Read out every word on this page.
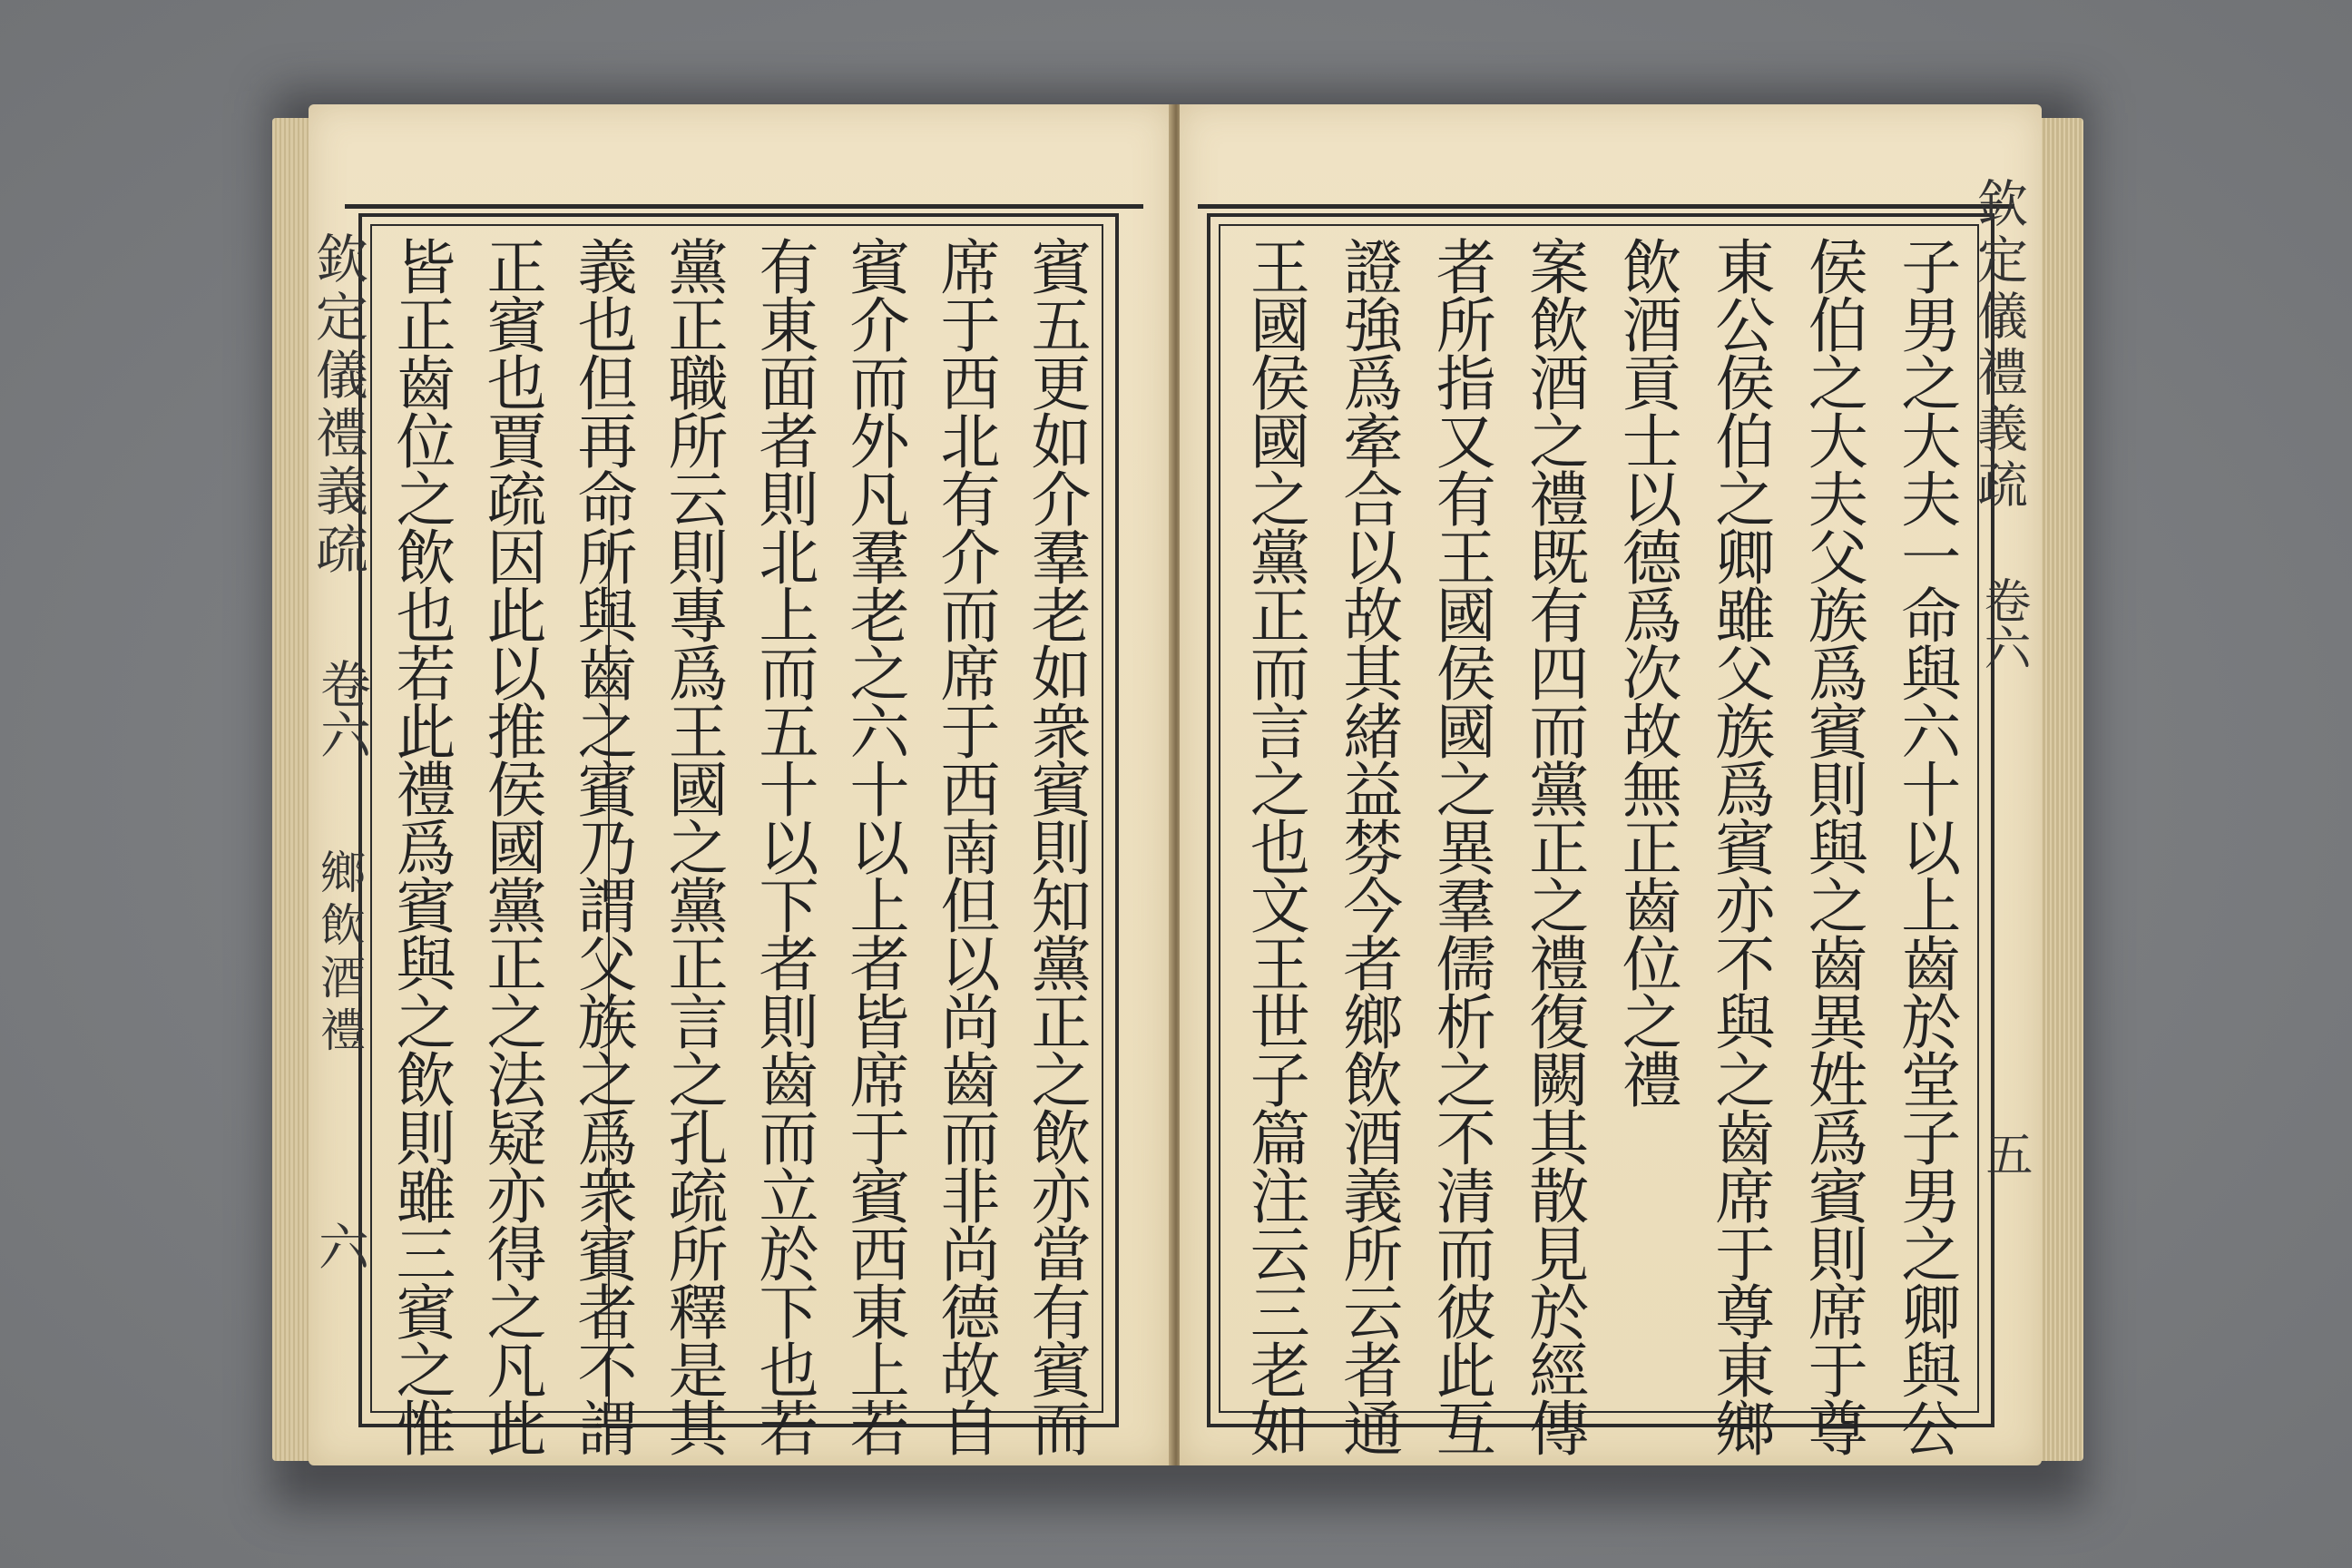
欽定儀禮義疏
卷六
鄉飲酒禮
六	賓五更如介羣老如衆賓則知黨正之飲亦當有賓而
席于西北有介而席于西南但以尚齒而非尚德故自
賓介而外凡羣老之六十以上者皆席于賓西東上若
有東面者則北上而五十以下者則齒而立於下也若
黨正職所云則專爲王國之黨正言之孔疏所釋是其
義也但再命所與齒之賓乃謂父族之爲衆賓者不謂
正賓也賈疏因此以推侯國黨正之法疑亦得之凡此
皆正齒位之飲也若此禮爲賓與之飲則雖三賓之惟	欽定儀禮義疏
卷六
五
子男之大夫一命與六十以上齒於堂子男之卿與公
侯伯之大夫父族爲賓則與之齒異姓爲賓則席于尊
東公侯伯之卿雖父族爲賓亦不與之齒席于尊東鄉
飲酒貢士以德爲次故無正齒位之禮
案飲酒之禮既有四而黨正之禮復闕其散見於經傳
者所指又有王國侯國之異羣儒析之不清而彼此互
證強爲牽合以故其緒益棼今者鄉飲酒義所云者通
王國侯國之黨正而言之也文王世子篇注云三老如
